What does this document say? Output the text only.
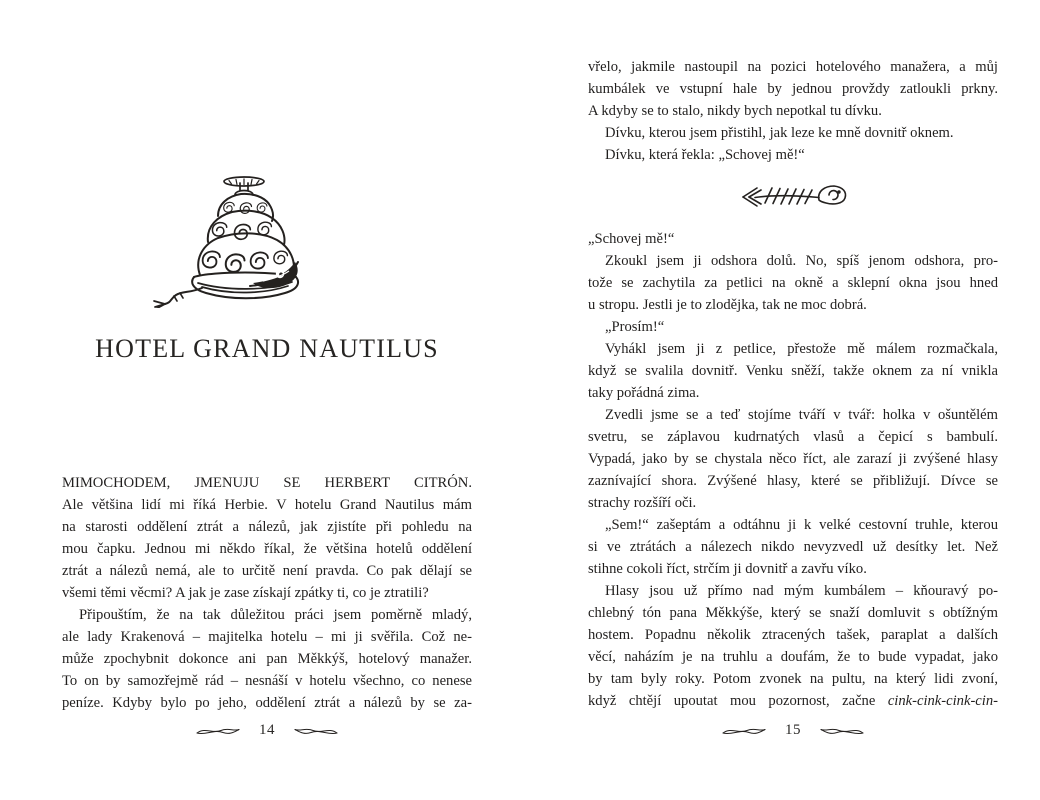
HOTEL GRAND NAUTILUS
MIMOCHODEM, JMENUJU SE HERBERT CITRÓN.
Ale většina lidí mi říká Herbie. V hotelu Grand Nautilus mám
na starosti oddělení ztrát a nálezů, jak zjistíte při pohledu na
mou čapku. Jednou mi někdo říkal, že většina hotelů oddělení
ztrát a nálezů nemá, ale to určitě není pravda. Co pak dělají se
všemi těmi věcmi? A jak je zase získají zpátky ti, co je ztratili?
Připouštím, že na tak důležitou práci jsem poměrně mladý,
ale lady Krakenová – majitelka hotelu – mi ji svěřila. Což ne-
může zpochybnit dokonce ani pan Měkkýš, hotelový manažer.
To on by samozřejmě rád – nesnáší v hotelu všechno, co nenese
peníze. Kdyby bylo po jeho, oddělení ztrát a nálezů by se za-
14
vřelo, jakmile nastoupil na pozici hotelového manažera, a můj
kumbálek ve vstupní hale by jednou provždy zatloukli prkny.
A kdyby se to stalo, nikdy bych nepotkal tu dívku.
Dívku, kterou jsem přistihl, jak leze ke mně dovnitř oknem.
Dívku, která řekla: „Schovej mě!“
„Schovej mě!“
Zkoukl jsem ji odshora dolů. No, spíš jenom odshora, pro-
tože se zachytila za petlici na okně a sklepní okna jsou hned
u stropu. Jestli je to zlodějka, tak ne moc dobrá.
„Prosím!“
Vyhákl jsem ji z petlice, přestože mě málem rozmačkala,
když se svalila dovnitř. Venku sněží, takže oknem za ní vnikla
taky pořádná zima.
Zvedli jsme se a teď stojíme tváří v tvář: holka v ošuntělém
svetru, se záplavou kudrnatých vlasů a čepicí s bambulí.
Vypadá, jako by se chystala něco říct, ale zarazí ji zvýšené hlasy
zaznívající shora. Zvýšené hlasy, které se přibližují. Dívce se
strachy rozšíří oči.
„Sem!“ zašeptám a odtáhnu ji k velké cestovní truhle, kterou
si ve ztrátách a nálezech nikdo nevyzvedl už desítky let. Než
stihne cokoli říct, strčím ji dovnitř a zavřu víko.
Hlasy jsou už přímo nad mým kumbálem – kňouravý po-
chlebný tón pana Měkkýše, který se snaží domluvit s obtížným
hostem. Popadnu několik ztracených tašek, paraplat a dalších
věcí, naházím je na truhlu a doufám, že to bude vypadat, jako
by tam byly roky. Potom zvonek na pultu, na který lidi zvoní,
když chtějí upoutat mou pozornost, začne cink-cink-cink-cin-
15
